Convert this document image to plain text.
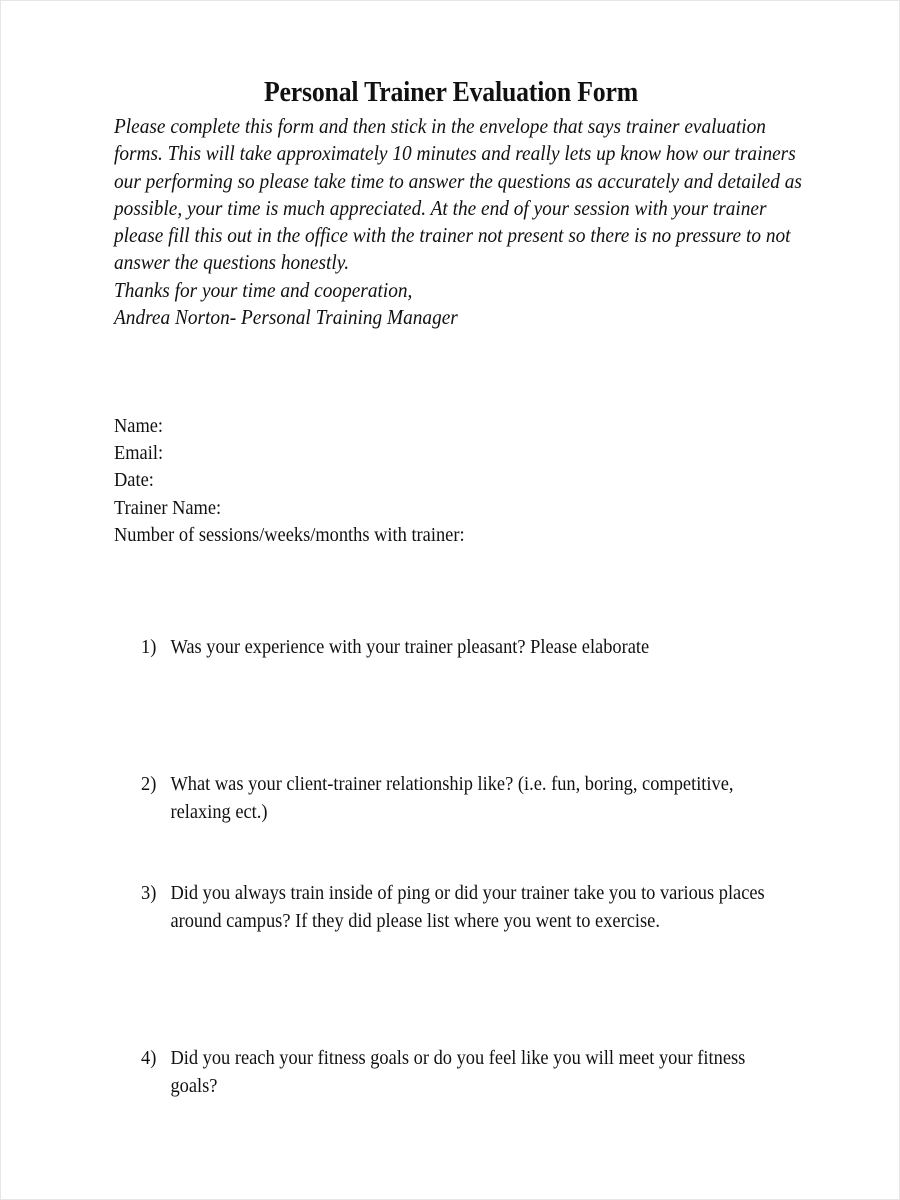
Personal Trainer Evaluation Form
Please complete this form and then stick in the envelope that says trainer evaluation
forms. This will take approximately 10 minutes and really lets up know how our trainers
our performing so please take time to answer the questions as accurately and detailed as
possible, your time is much appreciated. At the end of your session with your trainer
please fill this out in the office with the trainer not present so there is no pressure to not
answer the questions honestly.
Thanks for your time and cooperation,
Andrea Norton- Personal Training Manager
Name:
Email:
Date:
Trainer Name:
Number of sessions/weeks/months with trainer:
1) Was your experience with your trainer pleasant? Please elaborate
2) What was your client-trainer relationship like? (i.e. fun, boring, competitive,
relaxing ect.)
3) Did you always train inside of ping or did your trainer take you to various places
around campus? If they did please list where you went to exercise.
4) Did you reach your fitness goals or do you feel like you will meet your fitness
goals?
